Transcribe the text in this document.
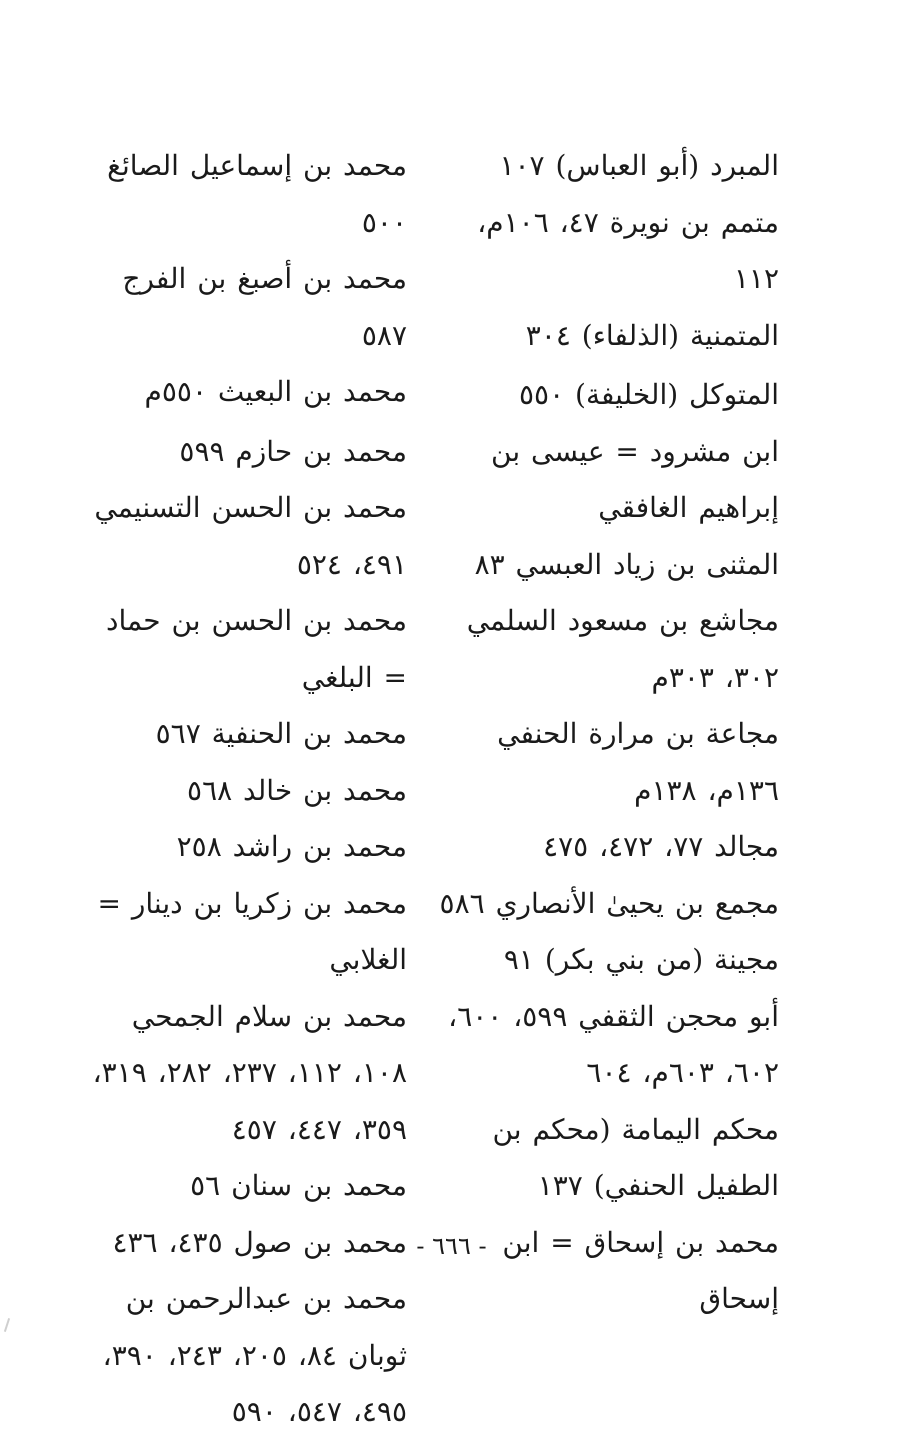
المبرد (أبو العباس) ١٠٧

متمم بن نويرة ٤٧، ١٠٦م، ١١٢

المتمنية (الذلفاء) ٣٠٤

المتوكل (الخليفة) ٥٥٠

ابن مشرود = عيسى بن إبراهيم الغافقي

المثنى بن زياد العبسي ٨٣

مجاشع بن مسعود السلمي ٣٠٢، ٣٠٣م

مجاعة بن مرارة الحنفي ١٣٦م، ١٣٨م

مجالد ٧٧، ٤٧٢، ٤٧٥

مجمع بن يحيىٰ الأنصاري ٥٨٦

مجينة (من بني بكر) ٩١

أبو محجن الثقفي ٥٩٩، ٦٠٠، ٦٠٢، ٦٠٣م، ٦٠٤

محكم اليمامة (محكم بن الطفيل الحنفي) ١٣٧

محمد بن إسحاق = ابن إسحاق

محمد بن إسماعيل الصائغ ٥٠٠

محمد بن أصبغ بن الفرج ٥٨٧

محمد بن البعيث ٥٥٠م

محمد بن حازم ٥٩٩

محمد بن الحسن التسنيمي ٤٩١، ٥٢٤

محمد بن الحسن بن حماد = البلغي

محمد بن الحنفية ٥٦٧

محمد بن خالد ٥٦٨

محمد بن راشد ٢٥٨

محمد بن زكريا بن دينار = الغلابي

محمد بن سلام الجمحي ١٠٨، ١١٢، ٢٣٧، ٢٨٢، ٣١٩، ٣٥٩، ٤٤٧، ٤٥٧

محمد بن سنان ٥٦

محمد بن صول ٤٣٥، ٤٣٦

محمد بن عبدالرحمن بن ثوبان ٨٤، ٢٠٥، ٢٤٣، ٣٩٠، ٤٩٥، ٥٤٧، ٥٩٠

- ٦٦٦ -
